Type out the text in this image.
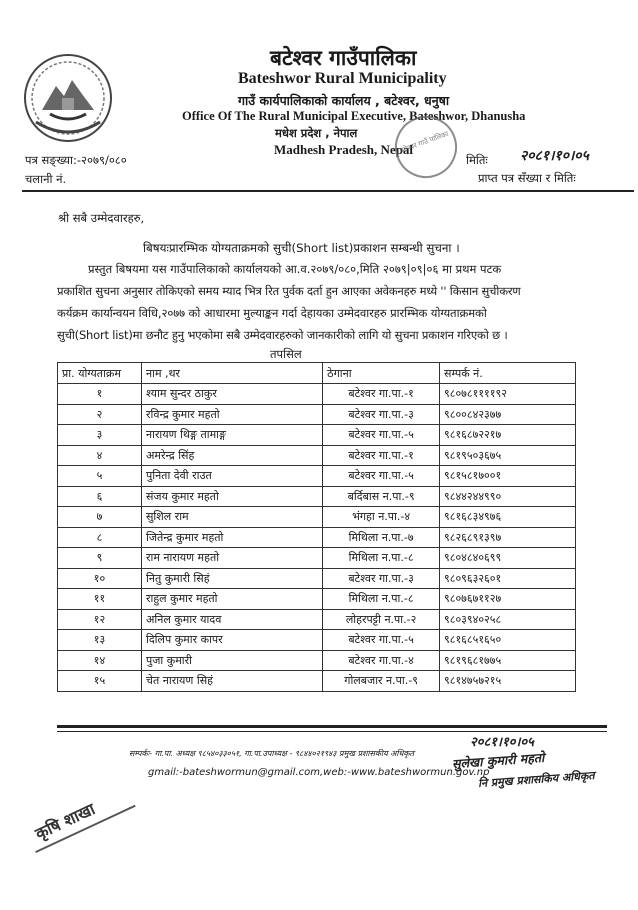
बटेश्वर गाउँपालिका
Bateshwor Rural Municipality
गाउँ कार्यपालिकाको कार्यालय , बटेश्वर, धनुषा
Office Of The Rural Municipal Executive, Bateshwor, Dhanusha
मधेश प्रदेश , नेपाल
Madhesh Pradesh, Nepal
बटेश्वर गाउँ पालिका
पत्र सङ्ख्या:-२०७९/०८०
चलानी नं.
मितिः २०८१।१०।०५
प्राप्त पत्र सँख्या र मितिः
श्री सबै उम्मेदवारहरु,
बिषयःप्रारम्भिक योग्यताक्रमको सुची(Short list)प्रकाशन सम्बन्धी सुचना ।
प्रस्तुत बिषयमा यस गाउँपालिकाको कार्यालयको आ.व.२०७९/०८०,मिति २०७९|०९|०६ मा प्रथम पटक
प्रकाशित सुचना अनुसार तोकिएको समय म्याद भित्र रित पुर्वक दर्ता हुन आएका अवेकनहरु मध्ये '' किसान सुचीकरण
कर्यक्रम कार्यान्वयन विधि,२०७७ को आधारमा मुल्याङ्कन गर्दा देहायका उम्मेदवारहरु प्रारम्भिक योग्यताक्रमको
सुची(Short list)मा छनौट हुनु भएकोमा सबै उम्मेदवारहरुको जानकारीको लागि यो सुचना प्रकाशन गरिएको छ ।
तपसिल
प्रा. योग्यताक्रम	नाम ,थर	ठेगाना	सम्पर्क नं.
१	श्याम सुन्दर ठाकुर	बटेश्वर गा.पा.-१	९८०७८११११९२
२	रविन्द्र कुमार महतो	बटेश्वर गा.पा.-३	९८००८४२३७७
३	नारायण थिङ्ग तामाङ्ग	बटेश्वर गा.पा.-५	९८१६८७२२१७
४	अमरेन्द्र सिंह	बटेश्वर गा.पा.-१	९८१९५०३६७५
५	पुनिता देवी राउत	बटेश्वर गा.पा.-५	९८१५८१७००१
६	संजय कुमार महतो	बर्दिबास न.पा.-९	९८४४२४४९९०
७	सुशिल राम	भंगहा न.पा.-४	९८१६८३४९७६
८	जितेन्द्र कुमार महतो	मिथिला न.पा.-७	९८२६८९१३९७
९	राम नारायण महतो	मिथिला न.पा.-८	९८०४८४०६९९
१०	नितु कुमारी सिहं	बटेश्वर गा.पा.-३	९८०९६३२६०१
११	राहुल कुमार महतो	मिथिला न.पा.-८	९८०७६७११२७
१२	अनिल कुमार यादव	लोहरपट्टी न.पा.-२	९८०३९४०२५८
१३	दिलिप कुमार कापर	बटेश्वर गा.पा.-५	९८१६८५१६५०
१४	पुजा कुमारी	बटेश्वर गा.पा.-४	९८१९६८१७७५
१५	चेत नारायण सिहं	गोलबजार न.पा.-९	९८१४७५७२१५
सम्पर्कः- गा.पा. अध्यक्ष ९८५४०३३०५१, गा.पा.उपाध्यक्ष - ९८४४०२१९४३ प्रमुख प्रशासकीय अधिकृत
gmail:-bateshwormun@gmail.com,web:-www.bateshwormun.gov.np
२०८१।१०।०५
सुलेखा कुमारी महतो
नि प्रमुख प्रशासकिय अधिकृत
कृषि शाखा
